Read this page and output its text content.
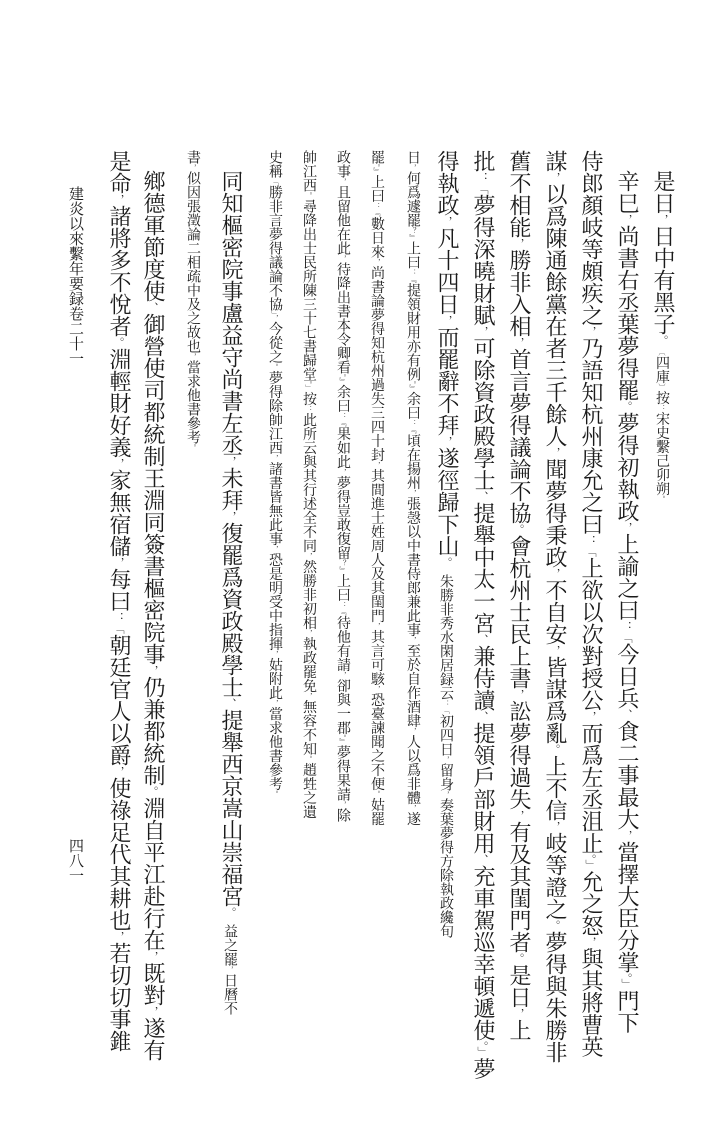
是日，日中有黑子。〔四庫〕按：宋史繫己卯朔。
辛巳，尚書右丞葉夢得罷。夢得初執政，上諭之曰：「今日兵、食二事最大，當擇大臣分掌。」門下
侍郎顏岐等頗疾之，乃語知杭州康允之曰：「上欲以次對授公，而爲左丞沮止。」允之怒，與其將曹英
謀，以爲陳通餘黨在者三千餘人，聞夢得秉政，不自安，皆謀爲亂。上不信，岐等證之。夢得與朱勝非
舊不相能，勝非入相，首言夢得議論不協。會杭州士民上書，訟夢得過失，有及其閨門者。是日，上
批：「夢得深曉財賦，可除資政殿學士、提舉中太一宮、兼侍讀、提領戶部財用、充車駕巡幸頓遞使。」夢
得執政，凡十四日，而罷辭不拜，遂徑歸下山。朱勝非秀水閑居録云：「初四日，留身，奏葉夢得方除執政纔旬
日，何爲遽罷？』上曰：『提領財用亦有例。』余曰：『頃在揚州，張愨以中書侍郎兼此事，至於自作酒肆，人以爲非體，遂
罷。』上曰：『數日來，尚書論夢得知杭州過失三四十封，其間進士姓周人及其閨門，其言可駭，恐臺諫聞之不便。姑罷
政事，且留他在此，待降出書本令卿看。』余曰：『果如此，夢得豈敢復留？』上曰：『待他有請，卻與一郡。』夢得果請，除
帥江西。尋降出士民所陳三十七書歸堂。」按：此所云與其行述全不同，然勝非初相，執政罷免，無容不知。趙甡之遺
史稱「勝非言夢得議論不協」，今從之。夢得除帥江西，諸書皆無此事，恐是明受中指揮，姑附此，當求他書參考。
同知樞密院事盧益守尚書左丞，未拜，復罷爲資政殿學士、提舉西京嵩山崇福宮。益之罷，日曆不
書，似因張澂論二相疏中及之故也，當求他書參考。
鄉德軍節度使、御營使司都統制王淵同簽書樞密院事，仍兼都統制。淵自平江赴行在，既對，遂有
是命，諸將多不悅者。淵輕財好義，家無宿儲，每曰：「朝廷官人以爵，使祿足代其耕也，若切切事錐
建炎以來繫年要録卷二十一
四八一
